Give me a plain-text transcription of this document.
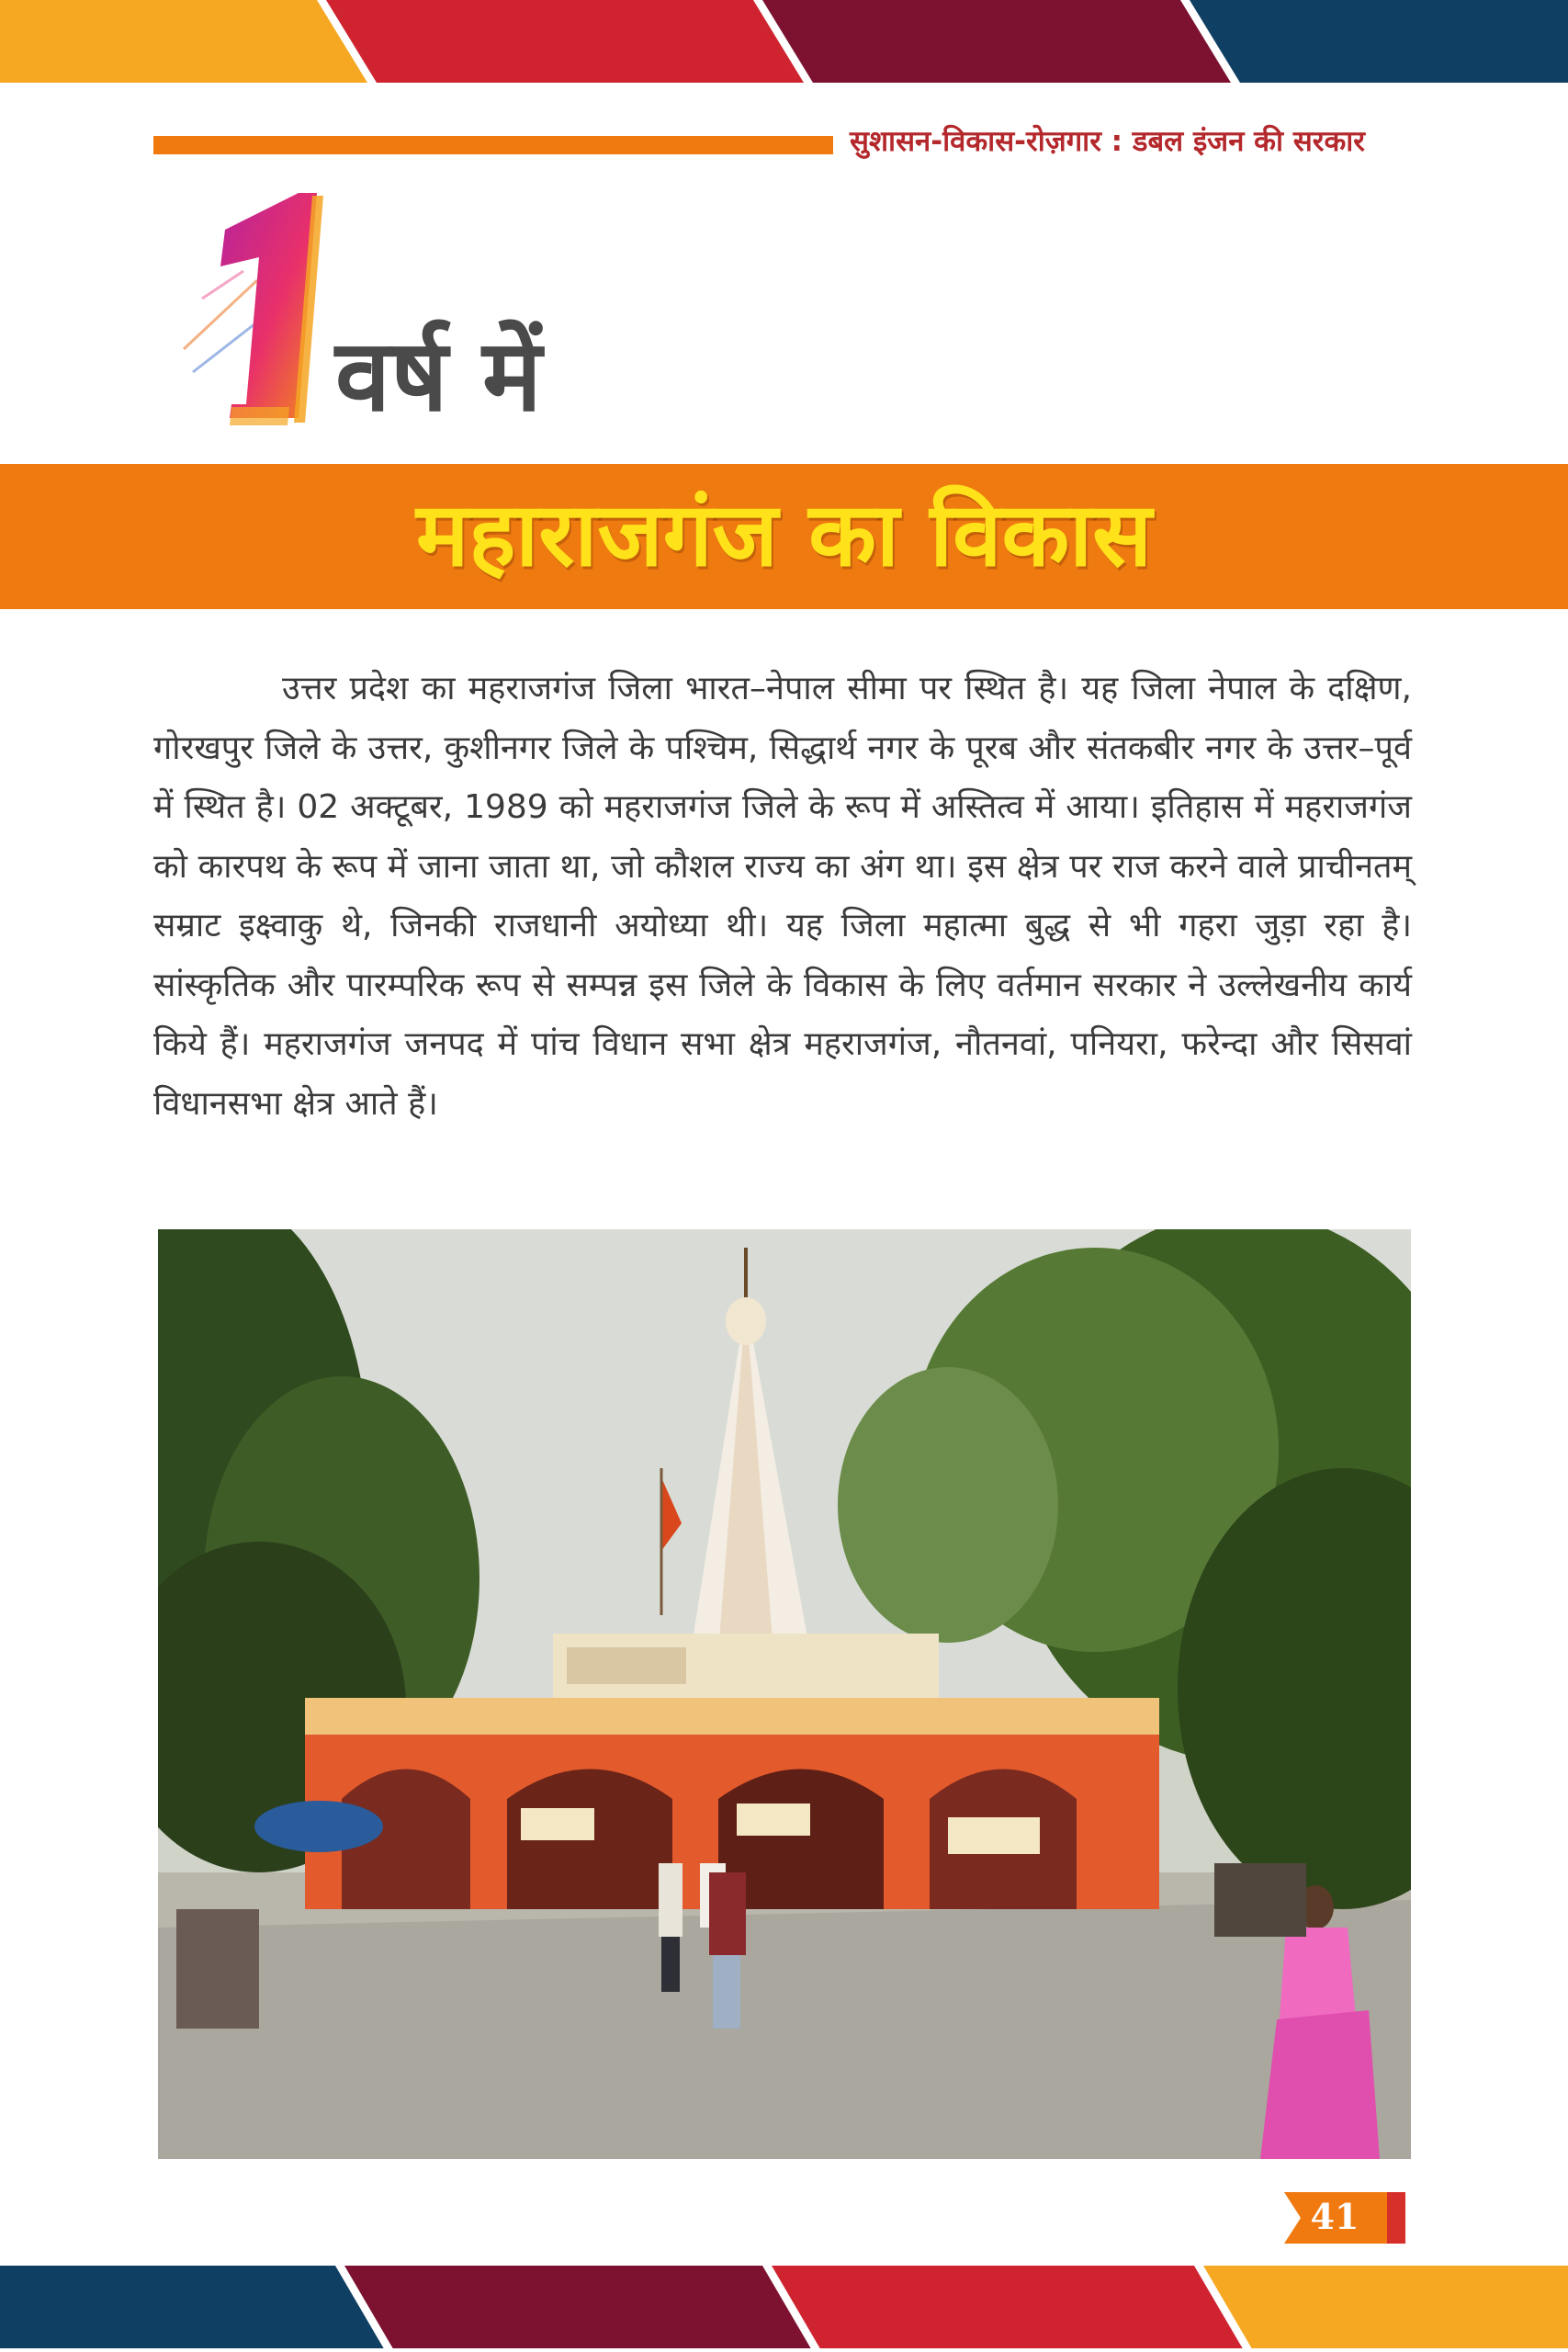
सुशासन-विकास-रोज़गार : डबल इंजन की सरकार
वर्ष में
महाराजगंज का विकास

उत्तर प्रदेश का महराजगंज जिला भारत–नेपाल सीमा पर स्थित है। यह जिला नेपाल के दक्षिण, गोरखपुर जिले के उत्तर, कुशीनगर जिले के पश्चिम, सिद्धार्थ नगर के पूरब और संतकबीर नगर के उत्तर–पूर्व में स्थित है। 02 अक्टूबर, 1989 को महराजगंज जिले के रूप में अस्तित्व में आया। इतिहास में महराजगंज को कारपथ के रूप में जाना जाता था, जो कौशल राज्य का अंग था। इस क्षेत्र पर राज करने वाले प्राचीनतम् सम्राट इक्ष्वाकु थे, जिनकी राजधानी अयोध्या थी। यह जिला महात्मा बुद्ध से भी गहरा जुड़ा रहा है। सांस्कृतिक और पारम्परिक रूप से सम्पन्न इस जिले के विकास के लिए वर्तमान सरकार ने उल्लेखनीय कार्य किये हैं। महराजगंज जनपद में पांच विधान सभा क्षेत्र महराजगंज, नौतनवां, पनियरा, फरेन्दा और सिसवां विधानसभा क्षेत्र आते हैं।

41
